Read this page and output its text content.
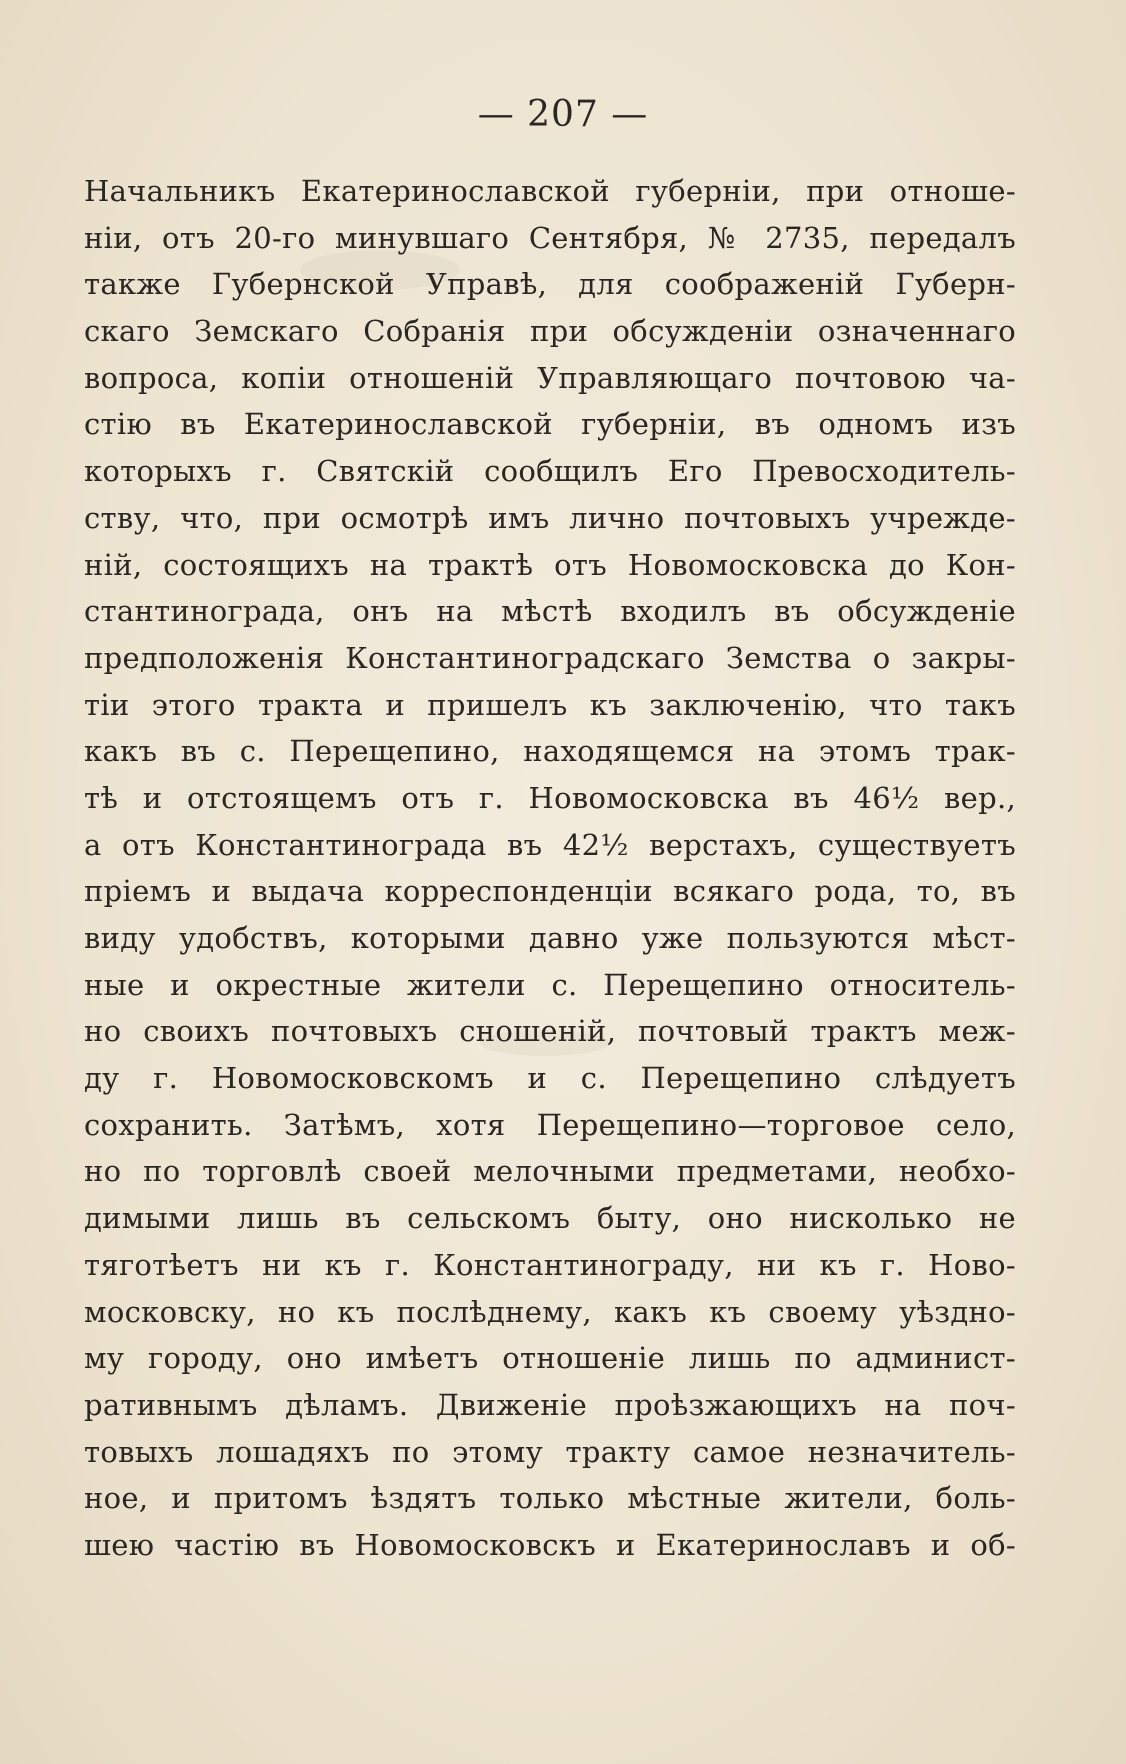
— 207 —
Начальникъ Екатеринославской губерніи, при отноше-
ніи, отъ 20-го минувшаго Сентября, № 2735, передалъ
также Губернской Управѣ, для соображеній Губерн-
скаго Земскаго Собранія при обсужденіи означеннаго
вопроса, копіи отношеній Управляющаго почтовою ча-
стію въ Екатеринославской губерніи, въ одномъ изъ
которыхъ г. Святскій сообщилъ Его Превосходитель-
ству, что, при осмотрѣ имъ лично почтовыхъ учрежде-
ній, состоящихъ на трактѣ отъ Новомосковска до Кон-
стантинограда, онъ на мѣстѣ входилъ въ обсужденіе
предположенія Константиноградскаго Земства о закры-
тіи этого тракта и пришелъ къ заключенію, что такъ
какъ въ с. Перещепино, находящемся на этомъ трак-
тѣ и отстоящемъ отъ г. Новомосковска въ 46½ вер.,
а отъ Константинограда въ 42½ верстахъ, существуетъ
пріемъ и выдача корреспонденціи всякаго рода, то, въ
виду удобствъ, которыми давно уже пользуются мѣст-
ные и окрестные жители с. Перещепино относитель-
но своихъ почтовыхъ сношеній, почтовый трактъ меж-
ду г. Новомосковскомъ и с. Перещепино слѣдуетъ
сохранить. Затѣмъ, хотя Перещепино—торговое село,
но по торговлѣ своей мелочными предметами, необхо-
димыми лишь въ сельскомъ быту, оно нисколько не
тяготѣетъ ни къ г. Константинограду, ни къ г. Ново-
московску, но къ послѣднему, какъ къ своему уѣздно-
му городу, оно имѣетъ отношеніе лишь по админист-
ративнымъ дѣламъ. Движеніе проѣзжающихъ на поч-
товыхъ лошадяхъ по этому тракту самое незначитель-
ное, и притомъ ѣздятъ только мѣстные жители, боль-
шею частію въ Новомосковскъ и Екатеринославъ и об-
